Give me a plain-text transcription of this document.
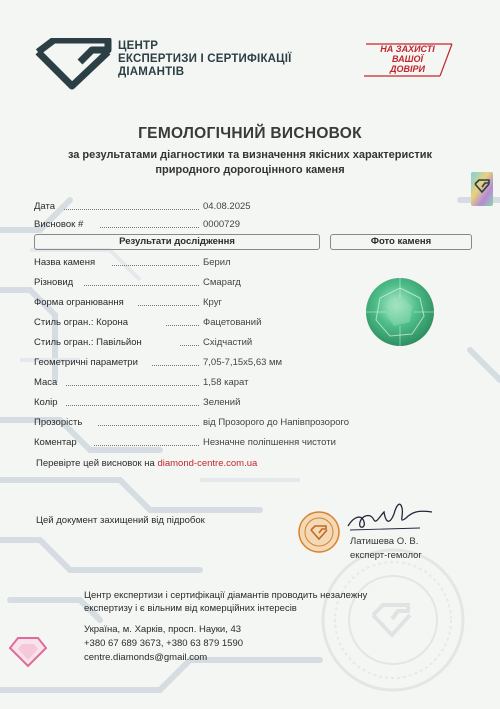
ЦЕНТР
ЕКСПЕРТИЗИ І СЕРТИФІКАЦІЇ
ДІАМАНТІВ
НА ЗАХИСТІ
ВАШОЇ
ДОВІРИ
ГЕМОЛОГІЧНИЙ ВИСНОВОК
за результатами діагностики та визначення якісних характеристик
природного дорогоцінного каменя
Дата	04.08.2025
Висновок #	0000729
Результати дослідження	Фото каменя
Назва каменя	Берил
Різновид	Смарагд
Форма огранювання	Круг
Стиль огран.: Корона	Фацетований
Стиль огран.: Павільйон	Східчастий
Геометричні параметри	7,05-7,15x5,63 мм
Маса	1,58 карат
Колір	Зелений
Прозорість	від Прозорого до Напівпрозорого
Коментар	Незначне поліпшення чистоти
Перевірте цей висновок на diamond-centre.com.ua
Цей документ захищений від підробок
Латишева О. В.
експерт-гемолог
Центр експертизи і сертифікації діамантів проводить незалежну експертизу і є вільним від комерційних інтересів
Україна, м. Харків, просп. Науки, 43
+380 67 689 3673, +380 63 879 1590
centre.diamonds@gmail.com
